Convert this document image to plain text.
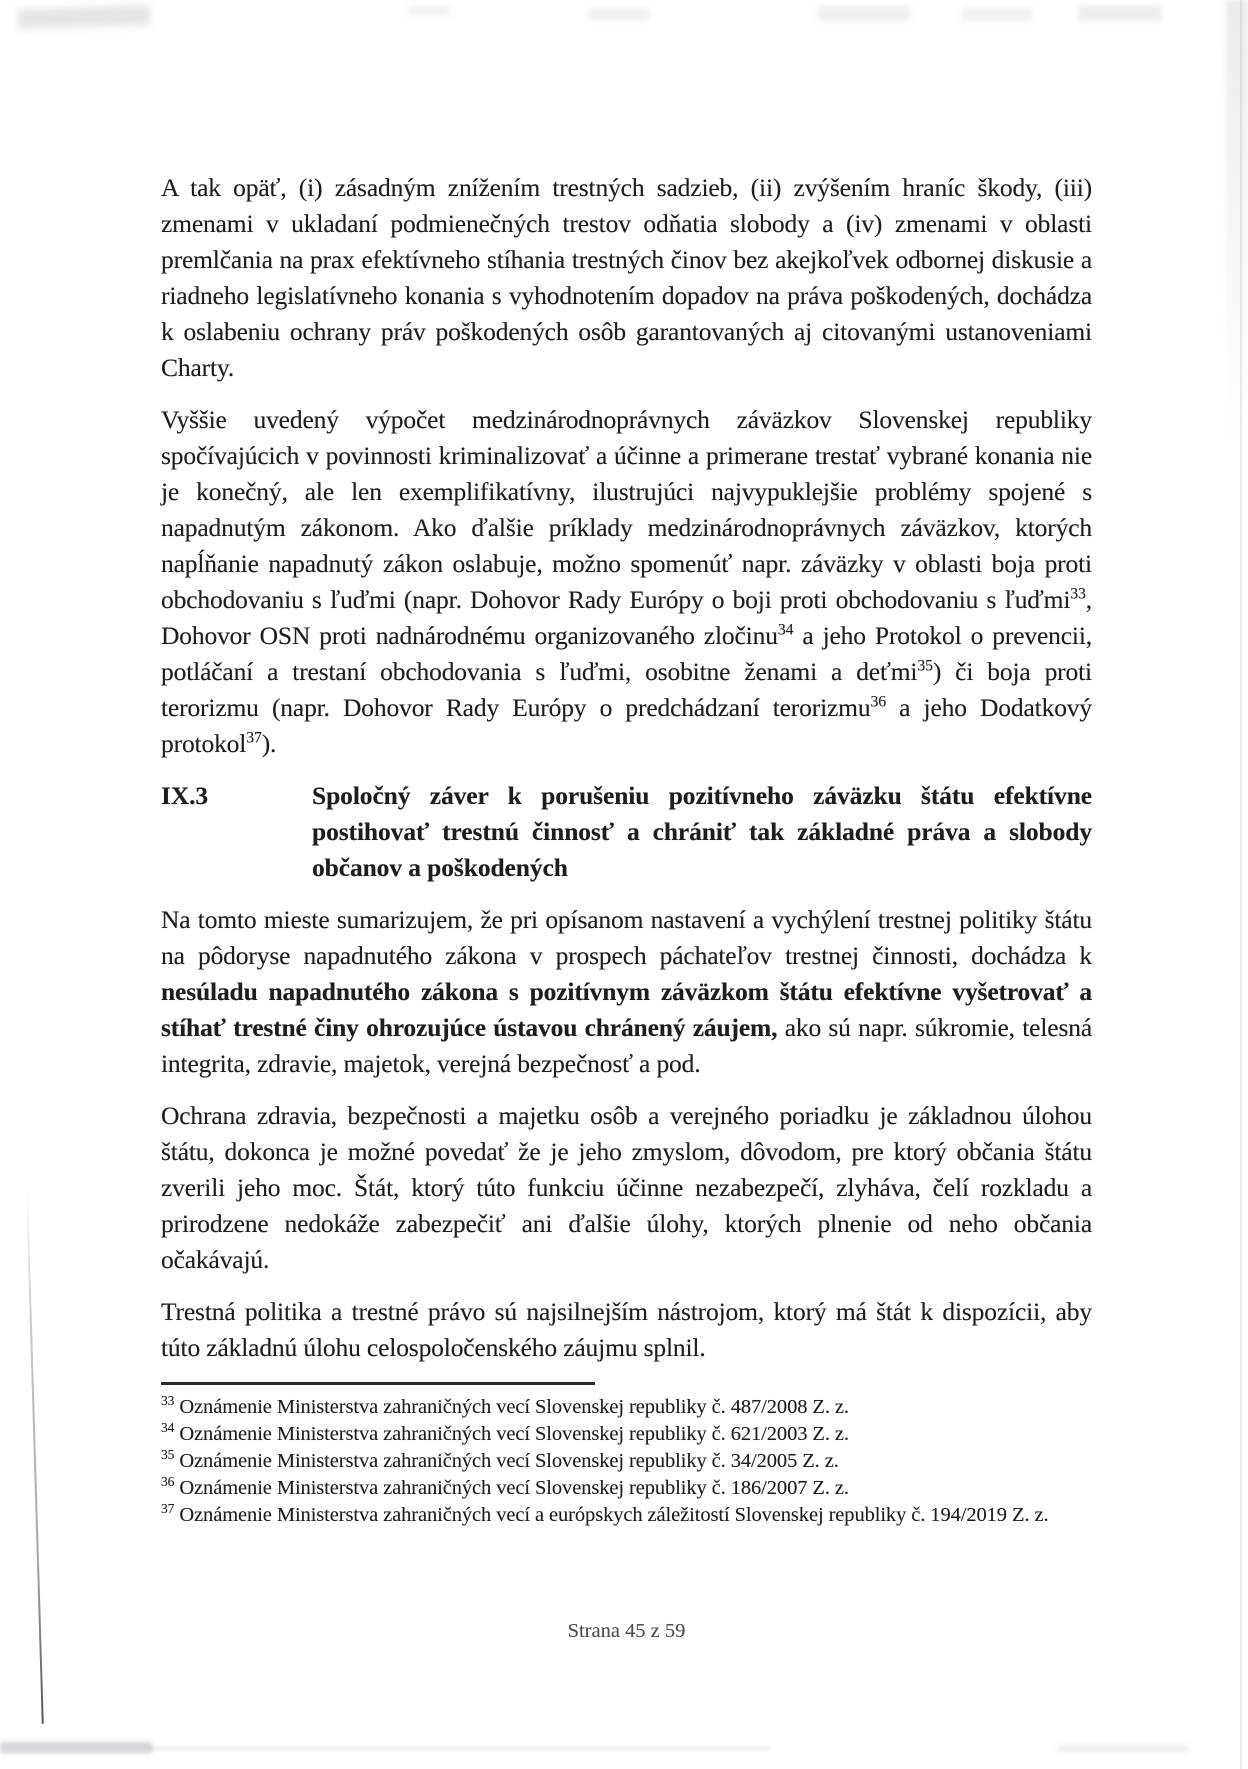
A tak opäť, (i) zásadným znížením trestných sadzieb, (ii) zvýšením hraníc škody, (iii) zmenami v ukladaní podmienečných trestov odňatia slobody a (iv) zmenami v oblasti premlčania na prax efektívneho stíhania trestných činov bez akejkoľvek odbornej diskusie a riadneho legislatívneho konania s vyhodnotením dopadov na práva poškodených, dochádza k oslabeniu ochrany práv poškodených osôb garantovaných aj citovanými ustanoveniami Charty.

Vyššie uvedený výpočet medzinárodnoprávnych záväzkov Slovenskej republiky spočívajúcich v povinnosti kriminalizovať a účinne a primerane trestať vybrané konania nie je konečný, ale len exemplifikatívny, ilustrujúci najvypuklejšie problémy spojené s napadnutým zákonom. Ako ďalšie príklady medzinárodnoprávnych záväzkov, ktorých napĺňanie napadnutý zákon oslabuje, možno spomenúť napr. záväzky v oblasti boja proti obchodovaniu s ľuďmi (napr. Dohovor Rady Európy o boji proti obchodovaniu s ľuďmi$^{33}$, Dohovor OSN proti nadnárodnému organizovaného zločinu$^{34}$ a jeho Protokol o prevencii, potláčaní a trestaní obchodovania s ľuďmi, osobitne ženami a deťmi$^{35}$) či boja proti terorizmu (napr. Dohovor Rady Európy o predchádzaní terorizmu$^{36}$ a jeho Dodatkový protokol$^{37}$).

IX.3	Spoločný záver k porušeniu pozitívneho záväzku štátu efektívne postihovať trestnú činnosť a chrániť tak základné práva a slobody občanov a poškodených

Na tomto mieste sumarizujem, že pri opísanom nastavení a vychýlení trestnej politiky štátu na pôdoryse napadnutého zákona v prospech páchateľov trestnej činnosti, dochádza k nesúladu napadnutého zákona s pozitívnym záväzkom štátu efektívne vyšetrovať a stíhať trestné činy ohrozujúce ústavou chránený záujem, ako sú napr. súkromie, telesná integrita, zdravie, majetok, verejná bezpečnosť a pod.

Ochrana zdravia, bezpečnosti a majetku osôb a verejného poriadku je základnou úlohou štátu, dokonca je možné povedať že je jeho zmyslom, dôvodom, pre ktorý občania štátu zverili jeho moc. Štát, ktorý túto funkciu účinne nezabezpečí, zlyháva, čelí rozkladu a prirodzene nedokáže zabezpečiť ani ďalšie úlohy, ktorých plnenie od neho občania očakávajú.

Trestná politika a trestné právo sú najsilnejším nástrojom, ktorý má štát k dispozícii, aby túto základnú úlohu celospoločenského záujmu splnil.

$^{33}$ Oznámenie Ministerstva zahraničných vecí Slovenskej republiky č. 487/2008 Z. z.

$^{34}$ Oznámenie Ministerstva zahraničných vecí Slovenskej republiky č. 621/2003 Z. z.

$^{35}$ Oznámenie Ministerstva zahraničných vecí Slovenskej republiky č. 34/2005 Z. z.

$^{36}$ Oznámenie Ministerstva zahraničných vecí Slovenskej republiky č. 186/2007 Z. z.

$^{37}$ Oznámenie Ministerstva zahraničných vecí a európskych záležitostí Slovenskej republiky č. 194/2019 Z. z.

Strana 45 z 59
